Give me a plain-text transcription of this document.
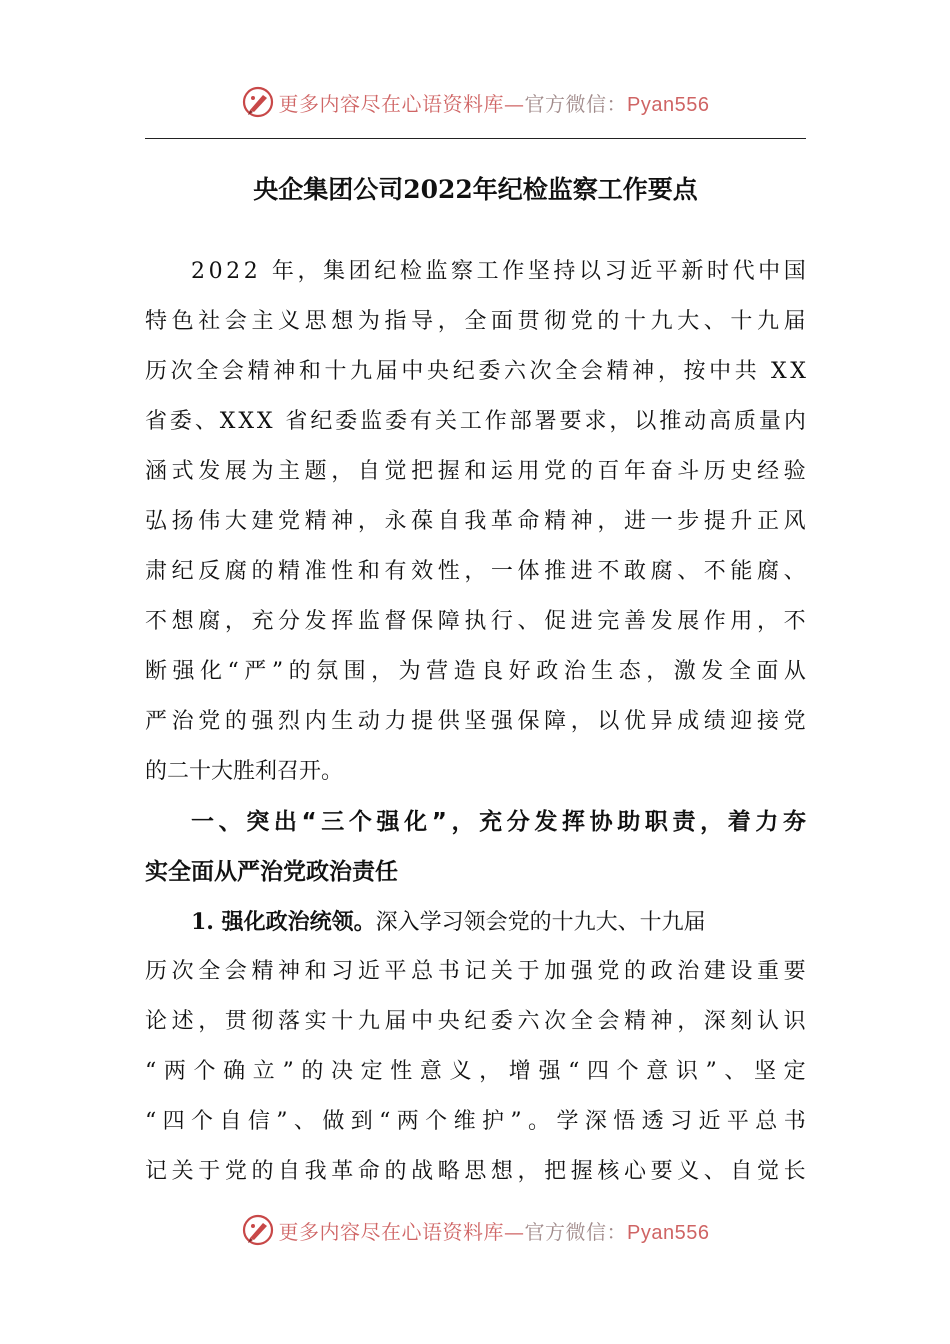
更多内容尽在心语资料库—官方微信：Pyan556
央企集团公司2022年纪检监察工作要点
2 0 2 2
年 ， 集 团 纪 检 监 察 工 作 坚 持 以 习 近 平 新 时 代 中 国
特 色 社 会 主 义 思 想 为 指 导 ， 全 面 贯 彻 党 的 十 九 大 、 十 九 届
历 次 全 会 精 神 和 十 九 届 中 央 纪 委 六 次 全 会 精 神 ， 按 中 共
X X
省 委 、 X X X
省 纪 委 监 委 有 关 工 作 部 署 要 求 ， 以 推 动 高 质 量 内
涵 式 发 展 为 主 题 ， 自 觉 把 握 和 运 用 党 的 百 年 奋 斗 历 史 经 验
弘 扬 伟 大 建 党 精 神 ， 永 葆 自 我 革 命 精 神 ， 进 一 步 提 升 正 风
肃 纪 反 腐 的 精 准 性 和 有 效 性 ， 一 体 推 进 不 敢 腐 、 不 能 腐 、
不 想 腐 ， 充 分 发 挥 监 督 保 障 执 行 、 促 进 完 善 发 展 作 用 ， 不
断 强 化 “ 严 ” 的 氛 围 ， 为 营 造 良 好 政 治 生 态 ， 激 发 全 面 从
严 治 党 的 强 烈 内 生 动 力 提 供 坚 强 保 障 ， 以 优 异 成 绩 迎 接 党
的二十大胜利召开。
一 、 突 出 “ 三 个 强 化 ” ， 充 分 发 挥 协 助 职 责 ， 着 力 夯
实全面从严治党政治责任
1. 强化政治统领。深入学习领会党的十九大、十九届
历 次 全 会 精 神 和 习 近 平 总 书 记 关 于 加 强 党 的 政 治 建 设 重 要
论 述 ， 贯 彻 落 实 十 九 届 中 央 纪 委 六 次 全 会 精 神 ， 深 刻 认 识
“ 两 个 确 立 ” 的 决 定 性 意 义 ， 增 强 “ 四 个 意 识 ” 、 坚 定
“ 四 个 自 信 ” 、 做 到 “ 两 个 维 护 ” 。 学 深 悟 透 习 近 平 总 书
记 关 于 党 的 自 我 革 命 的 战 略 思 想 ， 把 握 核 心 要 义 、 自 觉 长
更多内容尽在心语资料库—官方微信：Pyan556
